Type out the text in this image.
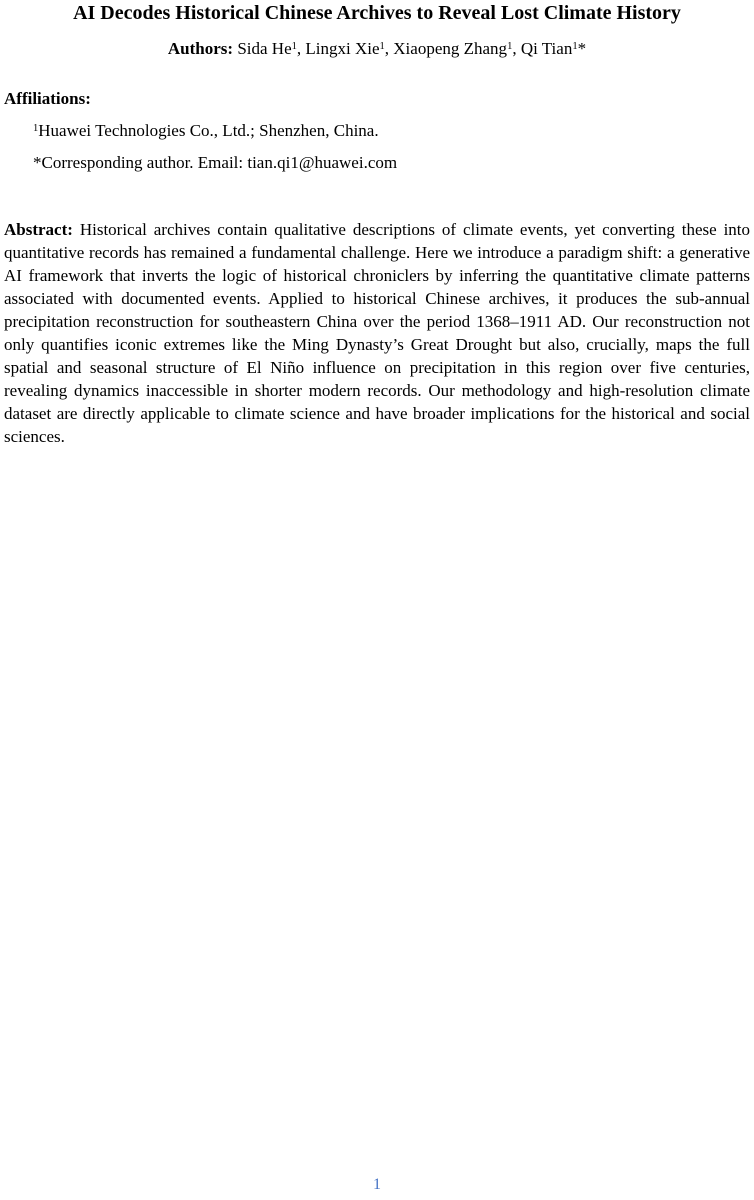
AI Decodes Historical Chinese Archives to Reveal Lost Climate History

Authors: Sida He$^1$, Lingxi Xie$^1$, Xiaopeng Zhang$^1$, Qi Tian$^1$*

Affiliations:

$^1$Huawei Technologies Co., Ltd.; Shenzhen, China.

*Corresponding author. Email: tian.qi1@huawei.com

Abstract: Historical archives contain qualitative descriptions of climate events, yet converting these into quantitative records has remained a fundamental challenge. Here we introduce a paradigm shift: a generative AI framework that inverts the logic of historical chroniclers by inferring the quantitative climate patterns associated with documented events. Applied to historical Chinese archives, it produces the sub-annual precipitation reconstruction for southeastern China over the period 1368–1911 AD. Our reconstruction not only quantifies iconic extremes like the Ming Dynasty’s Great Drought but also, crucially, maps the full spatial and seasonal structure of El Niño influence on precipitation in this region over five centuries, revealing dynamics inaccessible in shorter modern records. Our methodology and high-resolution climate dataset are directly applicable to climate science and have broader implications for the historical and social sciences.

1
